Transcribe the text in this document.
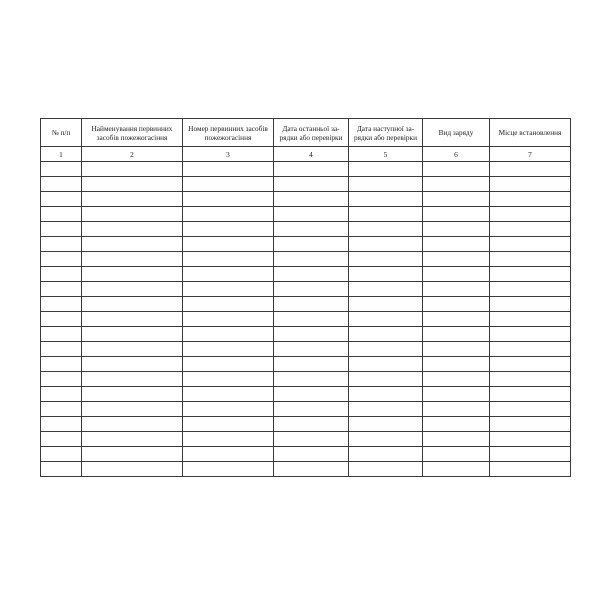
№ п/п	Найменування первинних засобів пожежогасіння	Номер первинних засобів пожежогасіння	Дата останньої за-рядки або перевірки	Дата наступної за-рядки або перевірки	Вид заряду	Місце встановлення
1	2	3	4	5	6	7
